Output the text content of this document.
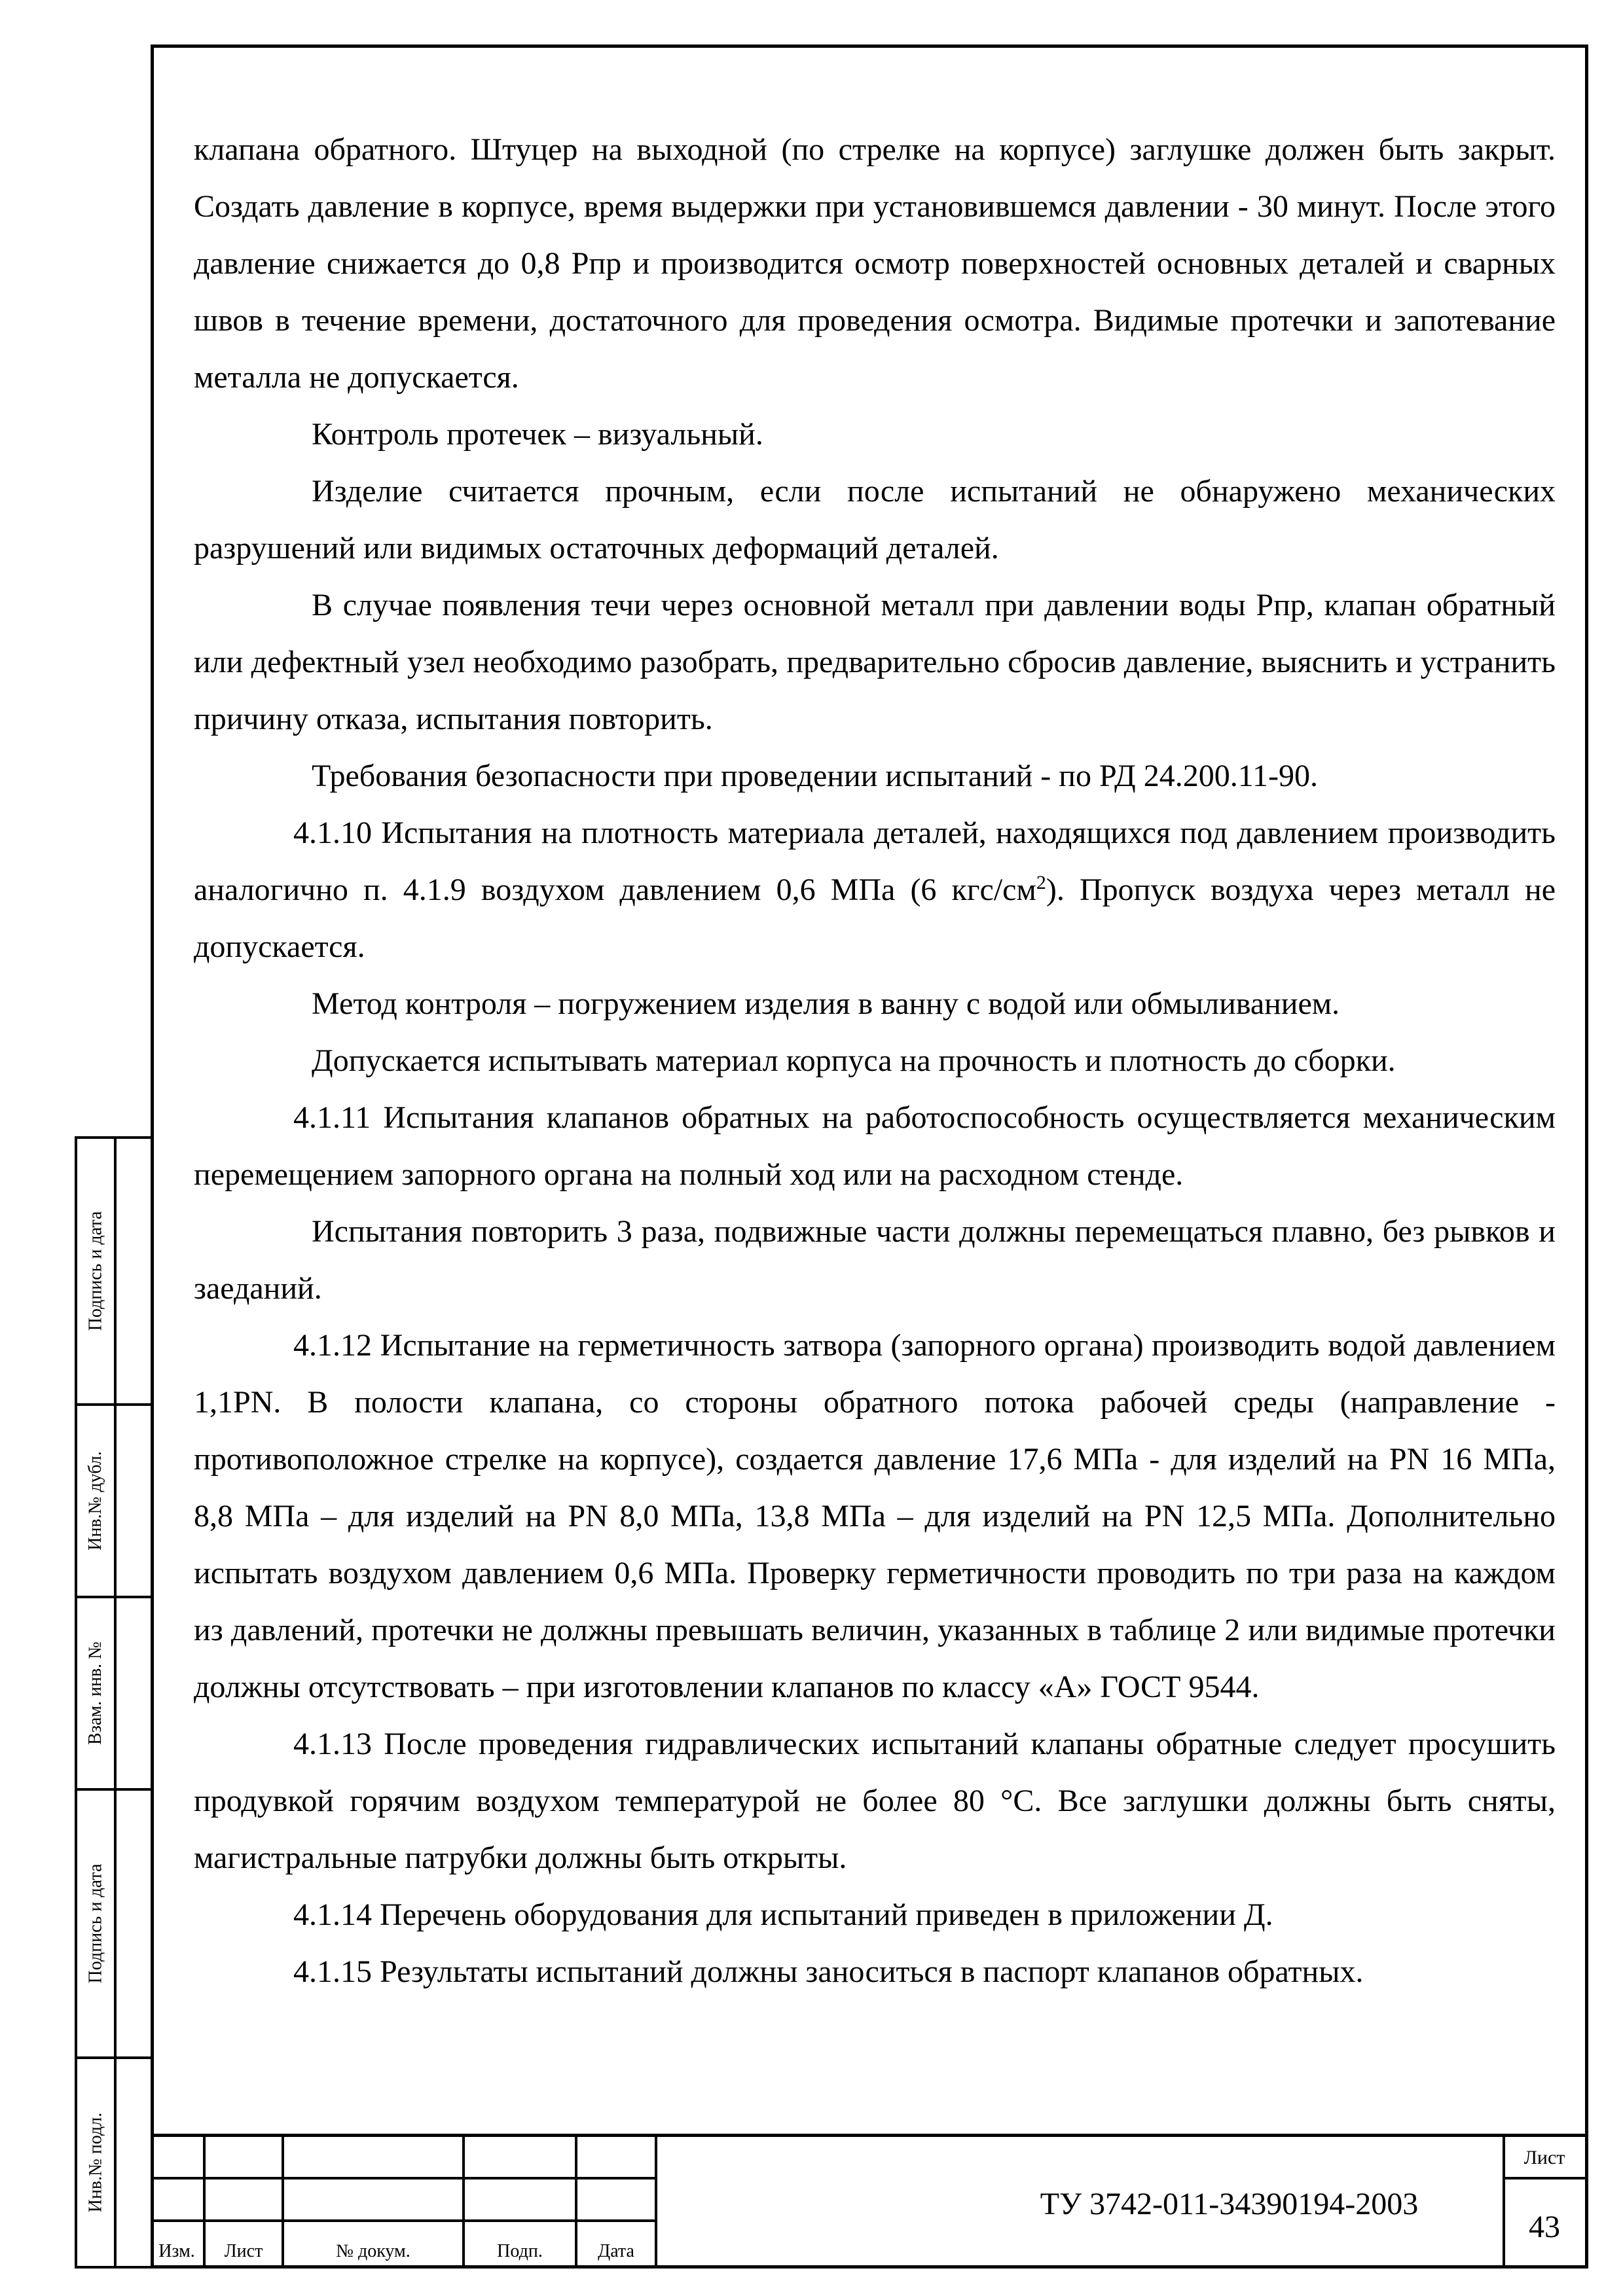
клапана обратного. Штуцер на выходной (по стрелке на корпусе) заглушке должен быть закрыт. Создать давление в корпусе, время выдержки при установившемся давлении - 30 минут. После этого давление снижается до 0,8 Рпр и производится осмотр поверхностей основных деталей и сварных швов в течение времени, достаточного для проведения осмотра. Видимые протечки и запотевание металла не допускается.

Контроль протечек – визуальный.

Изделие считается прочным, если после испытаний не обнаружено механических разрушений или видимых остаточных деформаций деталей.

В случае появления течи через основной металл при давлении воды Рпр, клапан обратный или дефектный узел необходимо разобрать, предварительно сбросив давление, выяснить и устранить причину отказа, испытания повторить.

Требования безопасности при проведении испытаний - по РД 24.200.11-90.

4.1.10 Испытания на плотность материала деталей, находящихся под давлением производить аналогично п. 4.1.9 воздухом давлением 0,6 МПа (6 кгс/$см^2$). Пропуск воздуха через металл не допускается.

Метод контроля – погружением изделия в ванну с водой или обмыливанием.

Допускается испытывать материал корпуса на прочность и плотность до сборки.

4.1.11 Испытания клапанов обратных на работоспособность осуществляется механическим перемещением запорного органа на полный ход или на расходном стенде.

Испытания повторить 3 раза, подвижные части должны перемещаться плавно, без рывков и заеданий.

4.1.12 Испытание на герметичность затвора (запорного органа) производить водой давлением 1,1PN. В полости клапана, со стороны обратного потока рабочей среды (направление - противоположное стрелке на корпусе), создается давление 17,6 МПа - для изделий на PN 16 МПа, 8,8 МПа – для изделий на PN 8,0 МПа, 13,8 МПа – для изделий на PN 12,5 МПа. Дополнительно испытать воздухом давлением 0,6 МПа. Проверку герметичности проводить по три раза на каждом из давлений, протечки не должны превышать величин, указанных в таблице 2 или видимые протечки должны отсутствовать – при изготовлении клапанов по классу «А» ГОСТ 9544.

4.1.13 После проведения гидравлических испытаний клапаны обратные следует просушить продувкой горячим воздухом температурой не более 80 °С. Все заглушки должны быть сняты, магистральные патрубки должны быть открыты.

4.1.14 Перечень оборудования для испытаний приведен в приложении Д.

4.1.15 Результаты испытаний должны заноситься в паспорт клапанов обратных.

Подпись и дата
Инв.№ дубл.
Взам. инв. №
Подпись и дата
Инв.№ подл.
Изм.	Лист	№ докум.	Подп.	Дата
ТУ 3742-011-34390194-2003
Лист
43
